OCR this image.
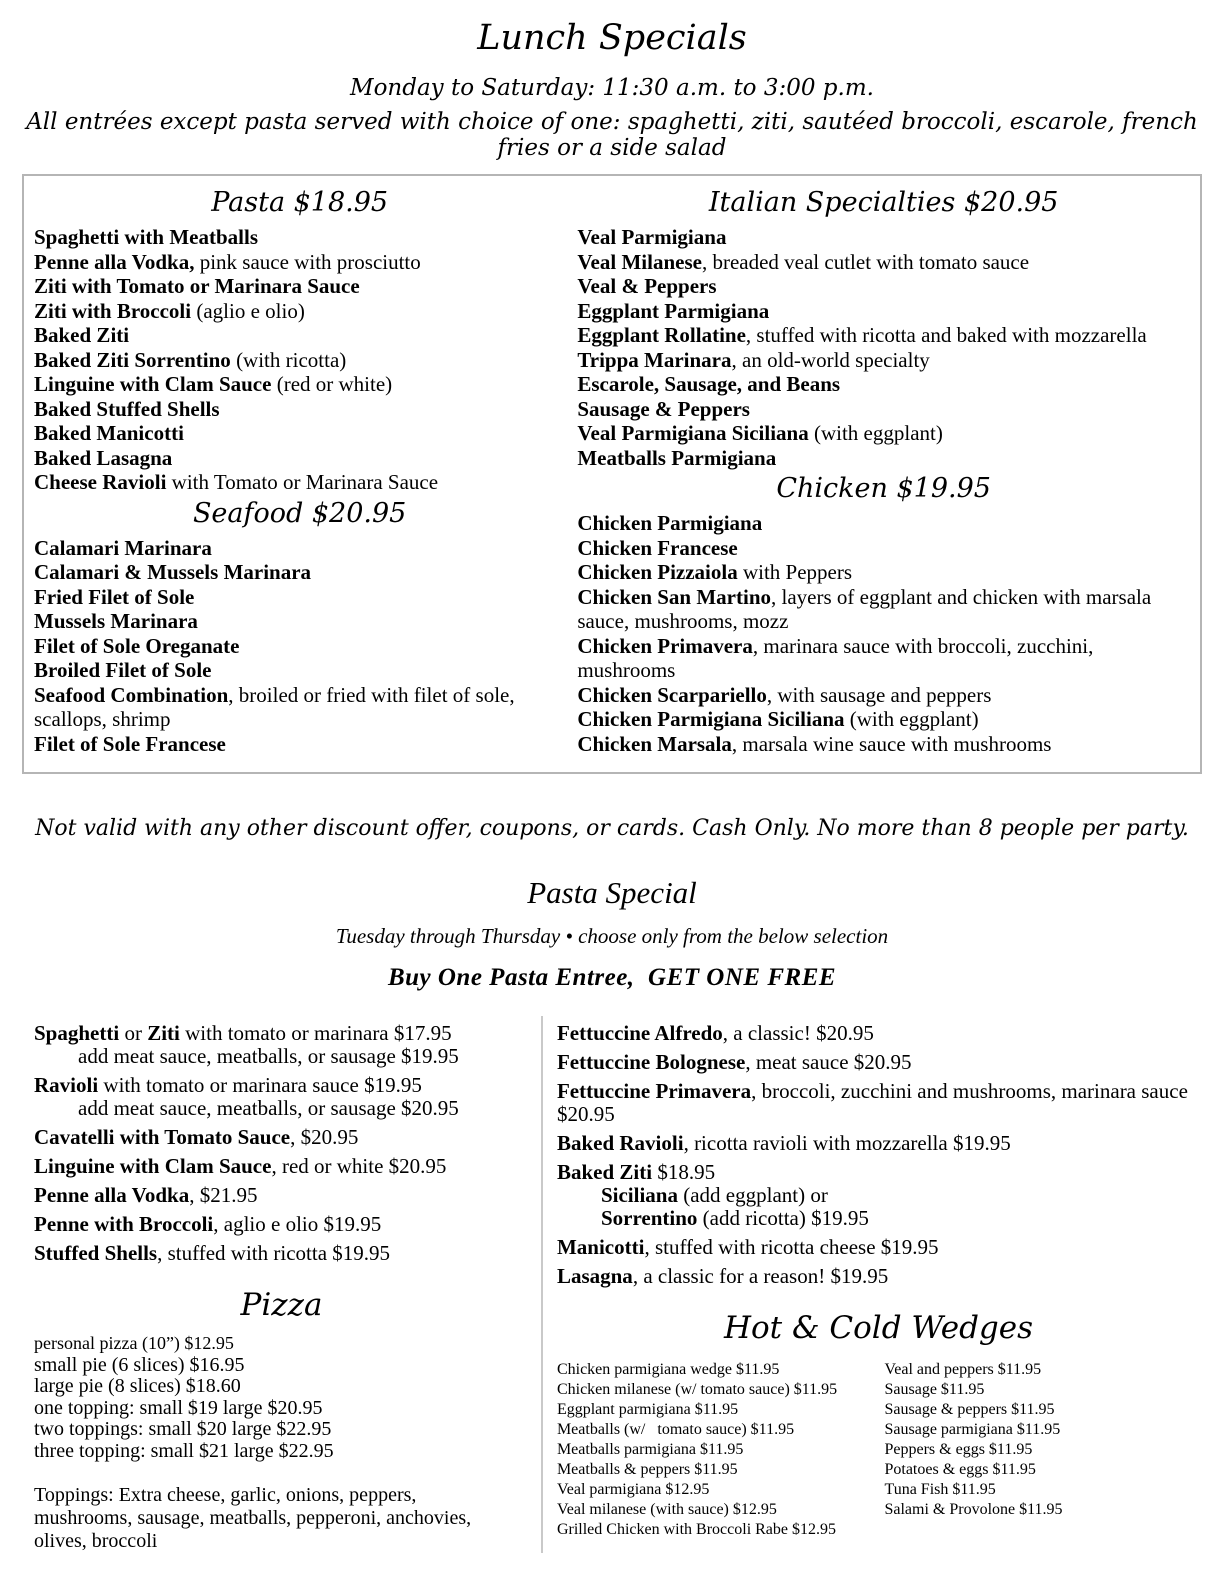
Lunch Specials
Monday to Saturday: 11:30 a.m. to 3:00 p.m.
All entrées except pasta served with choice of one: spaghetti, ziti, sautéed broccoli, escarole, french fries or a side salad
Pasta $18.95
Spaghetti with Meatballs
Penne alla Vodka, pink sauce with prosciutto
Ziti with Tomato or Marinara Sauce
Ziti with Broccoli (aglio e olio)
Baked Ziti
Baked Ziti Sorrentino (with ricotta)
Linguine with Clam Sauce (red or white)
Baked Stuffed Shells
Baked Manicotti
Baked Lasagna
Cheese Ravioli with Tomato or Marinara Sauce
Seafood $20.95
Calamari Marinara
Calamari & Mussels Marinara
Fried Filet of Sole
Mussels Marinara
Filet of Sole Oreganate
Broiled Filet of Sole
Seafood Combination, broiled or fried with filet of sole, scallops, shrimp
Filet of Sole Francese
Italian Specialties $20.95
Veal Parmigiana
Veal Milanese, breaded veal cutlet with tomato sauce
Veal & Peppers
Eggplant Parmigiana
Eggplant Rollatine, stuffed with ricotta and baked with mozzarella
Trippa Marinara, an old-world specialty
Escarole, Sausage, and Beans
Sausage & Peppers
Veal Parmigiana Siciliana (with eggplant)
Meatballs Parmigiana
Chicken $19.95
Chicken Parmigiana
Chicken Francese
Chicken Pizzaiola with Peppers
Chicken San Martino, layers of eggplant and chicken with marsala sauce, mushrooms, mozz
Chicken Primavera, marinara sauce with broccoli, zucchini, mushrooms
Chicken Scarpariello, with sausage and peppers
Chicken Parmigiana Siciliana (with eggplant)
Chicken Marsala, marsala wine sauce with mushrooms
Not valid with any other discount offer, coupons, or cards. Cash Only. No more than 8 people per party.
Pasta Special
Tuesday through Thursday • choose only from the below selection
Buy One Pasta Entree,  GET ONE FREE
Spaghetti or Ziti with tomato or marinara $17.95
add meat sauce, meatballs, or sausage $19.95
Ravioli with tomato or marinara sauce $19.95
add meat sauce, meatballs, or sausage $20.95
Cavatelli with Tomato Sauce, $20.95
Linguine with Clam Sauce, red or white $20.95
Penne alla Vodka, $21.95
Penne with Broccoli, aglio e olio $19.95
Stuffed Shells, stuffed with ricotta $19.95
Pizza
personal pizza (10”) $12.95
small pie (6 slices) $16.95
large pie (8 slices) $18.60
one topping: small $19 large $20.95
two toppings: small $20 large $22.95
three topping: small $21 large $22.95
Toppings: Extra cheese, garlic, onions, peppers, mushrooms, sausage, meatballs, pepperoni, anchovies, olives, broccoli
Fettuccine Alfredo, a classic! $20.95
Fettuccine Bolognese, meat sauce $20.95
Fettuccine Primavera, broccoli, zucchini and mushrooms, marinara sauce $20.95
Baked Ravioli, ricotta ravioli with mozzarella $19.95
Baked Ziti $18.95
Siciliana (add eggplant) or
Sorrentino (add ricotta) $19.95
Manicotti, stuffed with ricotta cheese $19.95
Lasagna, a classic for a reason! $19.95
Hot & Cold Wedges
Chicken parmigiana wedge $11.95
Chicken milanese (w/ tomato sauce) $11.95
Eggplant parmigiana $11.95
Meatballs (w/   tomato sauce) $11.95
Meatballs parmigiana $11.95
Meatballs & peppers $11.95
Veal parmigiana $12.95
Veal milanese (with sauce) $12.95
Grilled Chicken with Broccoli Rabe $12.95
Veal and peppers $11.95
Sausage $11.95
Sausage & peppers $11.95
Sausage parmigiana $11.95
Peppers & eggs $11.95
Potatoes & eggs $11.95
Tuna Fish $11.95
Salami & Provolone $11.95
